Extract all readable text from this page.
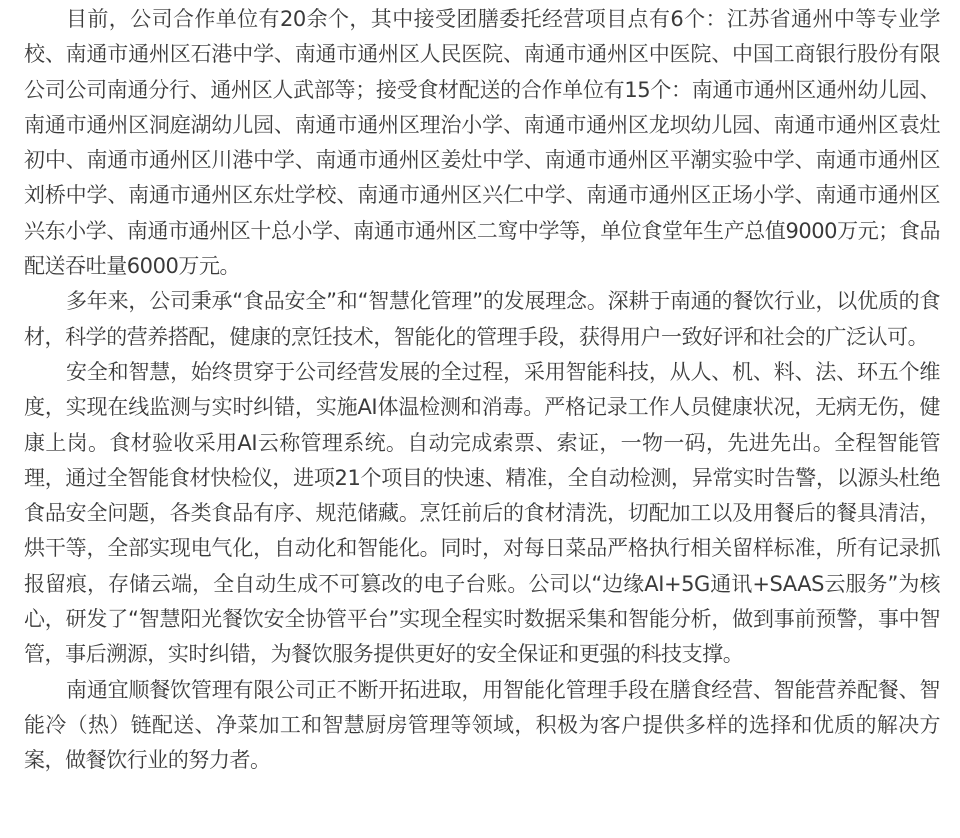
目前，公司合作单位有20余个，其中接受团膳委托经营项目点有6个：江苏省通州中等专业学校、南通市通州区石港中学、南通市通州区人民医院、南通市通州区中医院、中国工商银行股份有限公司公司南通分行、通州区人武部等；接受食材配送的合作单位有15个：南通市通州区通州幼儿园、南通市通州区洞庭湖幼儿园、南通市通州区理治小学、南通市通州区龙坝幼儿园、南通市通州区袁灶初中、南通市通州区川港中学、南通市通州区姜灶中学、南通市通州区平潮实验中学、南通市通州区刘桥中学、南通市通州区东灶学校、南通市通州区兴仁中学、南通市通州区正场小学、南通市通州区兴东小学、南通市通州区十总小学、南通市通州区二窎中学等，单位食堂年生产总值9000万元；食品配送吞吐量6000万元。

多年来，公司秉承“食品安全”和“智慧化管理”的发展理念。深耕于南通的餐饮行业，以优质的食材，科学的营养搭配，健康的烹饪技术，智能化的管理手段，获得用户一致好评和社会的广泛认可。

安全和智慧，始终贯穿于公司经营发展的全过程，采用智能科技，从人、机、料、法、环五个维度，实现在线监测与实时纠错，实施AI体温检测和消毒。严格记录工作人员健康状况，无病无伤，健康上岗。食材验收采用AI云称管理系统。自动完成索票、索证，一物一码，先进先出。全程智能管理，通过全智能食材快检仪，进项21个项目的快速、精准，全自动检测，异常实时告警，以源头杜绝食品安全问题，各类食品有序、规范储藏。烹饪前后的食材清洗，切配加工以及用餐后的餐具清洁，烘干等，全部实现电气化，自动化和智能化。同时，对每日菜品严格执行相关留样标准，所有记录抓报留痕，存储云端，全自动生成不可篡改的电子台账。公司以“边缘AI+5G通讯+SAAS云服务”为核心，研发了“智慧阳光餐饮安全协管平台”实现全程实时数据采集和智能分析，做到事前预警，事中智管，事后溯源，实时纠错，为餐饮服务提供更好的安全保证和更强的科技支撑。

南通宜顺餐饮管理有限公司正不断开拓进取，用智能化管理手段在膳食经营、智能营养配餐、智能冷（热）链配送、净菜加工和智慧厨房管理等领域，积极为客户提供多样的选择和优质的解决方案，做餐饮行业的努力者。
